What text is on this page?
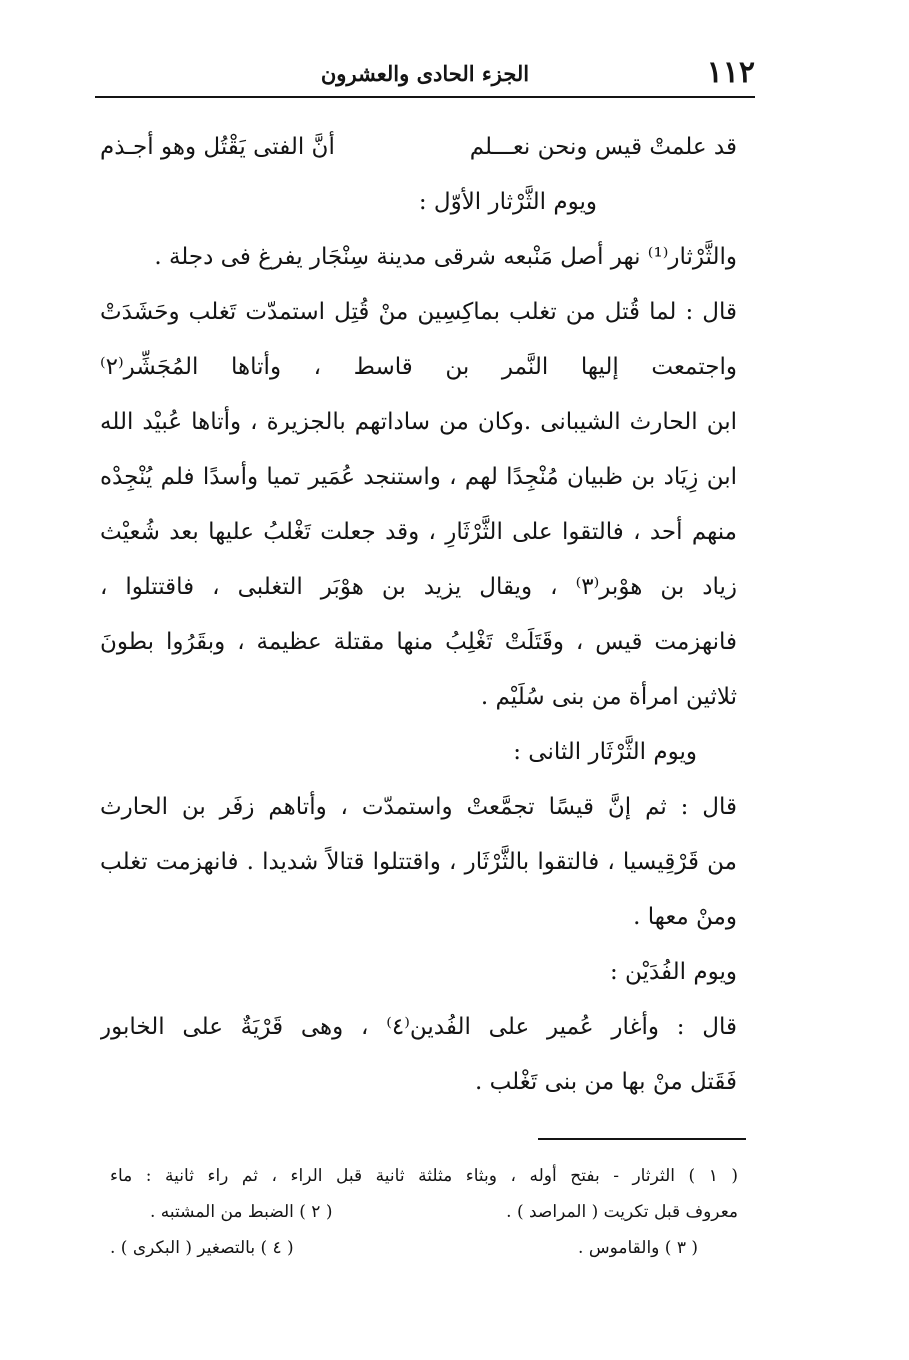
١١٢
الجزء الحادى والعشرون
قد علمتْ قيس ونحن نعـــلم
أنَّ الفتى يَقْتُل وهو أجـذم
ويوم الثَّرْثار الأوّل :
والثَّرْثار⁽¹⁾ نهر أصل مَنْبعه شرقى مدينة سِنْجَار يفرغ فى دجلة .
قال : لما قُتل من تغلب بماكِسِين منْ قُتِل استمدّت تَغلب وحَشَدَتْ
واجتمعت إليها النَّمر بن قاسط ، وأتاها المُجَشِّر⁽٢⁾
ابن الحارث الشيبانى .وكان من ساداتهم بالجزيرة ، وأتاها عُبيْد الله
ابن زِيَاد بن ظبيان مُنْجِدًا لهم ، واستنجد عُمَير تميا وأسدًا فلم يُنْجِدْه
منهم أحد ، فالتقوا على الثَّرْثَارِ ، وقد جعلت تَغْلبُ عليها بعد شُعيْث
زياد بن هوْبر⁽٣⁾ ، ويقال يزيد بن هوْبَر التغلبى ، فاقتتلوا ،
فانهزمت قيس ، وقَتَلَتْ تَغْلِبُ منها مقتلة عظيمة ، وبقَرُوا بطونَ
ثلاثين امرأة من بنى سُلَيْم .
ويوم الثَّرْثَار الثانى :
قال : ثم إنَّ قيسًا تجمَّعتْ واستمدّت ، وأتاهم زفَر بن الحارث
من قَرْقِيسيا ، فالتقوا بالثَّرْثَار ، واقتتلوا قتالاً شديدا . فانهزمت تغلب
ومنْ معها .
ويوم الفُدَيْن :
قال : وأغار عُمير على الفُدين⁽٤⁾ ، وهى قَرْيَةٌ على الخابور
فَقَتل منْ بها من بنى تَغْلب .
( ١ ) الثرثار - بفتح أوله ، وبثاء مثلثة ثانية قبل الراء ، ثم راء ثانية : ماء
معروف قبل تكريت ( المراصد ) .
( ٢ ) الضبط من المشتبه .
( ٣ ) والقاموس .
( ٤ ) بالتصغير ( البكرى ) .
